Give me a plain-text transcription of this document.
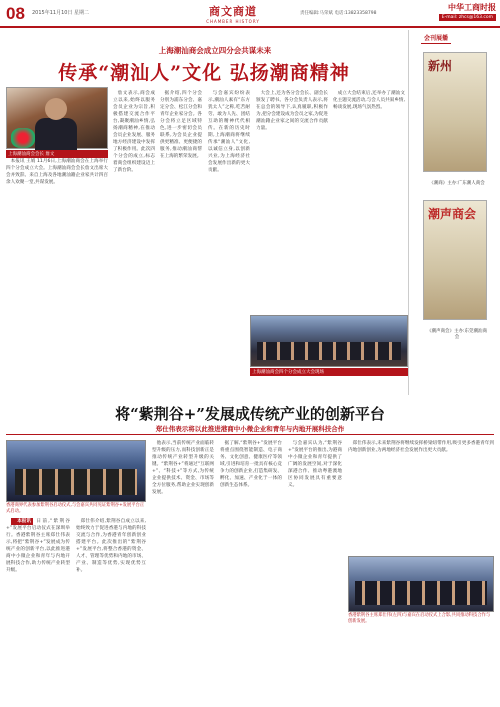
08 2015年11月10日 星期二	商文商道
CHAMBER HISTORY
责任编辑:马荣斌 电话:13823358798
中华工商时报
E-mail: zhcs@163.com
上海潮汕商会成立四分会共谋未来
传承“潮汕人”文化 弘扬潮商精神
上海潮汕商会会长 詹文

本报讯 王娟 11月6日,上海潮汕商会在上海举行四个分会成立大会。上海潮汕商会会长詹文出席大会并致辞。来自上海及各地潮汕籍企业家共计四百余人欢聚一堂,共谋发展。

詹文表示,商会成立以来,始终以服务会员企业为宗旨,积极搭建交流合作平台,凝聚潮汕乡情,弘扬潮商精神,在推动会员企业发展、服务地方经济建设中发挥了积极作用。此次四个分会的成立,标志着商会组织建设迈上了新台阶。

据介绍,四个分会分别为浦东分会、嘉定分会、松江分会和青年企业家分会。各分会将立足区域特色,进一步密切会员联系,为会员企业提供更精准、更便捷的服务,推动潮汕商帮在上海的繁荣发展。

与会嘉宾纷纷表示,潮汕人素有“东方犹太人”之称,吃苦耐劳、敢为人先、团结互助的精神代代相传。在新的历史时期,上海潮商将继续传承“潮汕人”文化,以诚信立身,以创新兴业,为上海经济社会发展作出新的更大贡献。

大会上,还为各分会会长、副会长颁发了聘书。各分会负责人表示,将在总会的领导下,认真履职,积极作为,把分会建设成为会员之家,为促进潮汕籍企业家之间的交流合作贡献力量。

成立大会结束后,还举办了潮汕文化主题交流活动,与会人员共叙乡情,畅谈发展,现场气氛热烈。

上海潮汕商会四个分会成立大会现场
会刊展播
新州
《潮商》主办:广东潮人商会
潮声商会
《潮声商会》主办:东莞潮汕商会
将“紫荆谷+”发展成传统产业的创新平台
郑仕伟表示将以此推进港商中小微企业和青年与内地开展科技合作
香港商界代表参加紫荆谷启动仪式,与会嘉宾共同见证紫荆谷+发展平台正式启动。

本报讯 日前,“紫荆谷+”发展平台启动仪式在深圳举行。香港紫荆谷主席郑仕伟表示,将把“紫荆谷+”发展成为传统产业的创新平台,以此推进港商中小微企业和青年与内地开展科技合作,助力传统产业转型升级。

郑仕伟介绍,紫荆谷自成立以来,始终致力于促进香港与内地的科技交流与合作,为香港青年创新创业搭建平台。此次推出的“紫荆谷+”发展平台,将整合香港的资金、人才、管理等优势和内地的市场、产业、制造等优势,实现优势互补。

他表示,当前传统产业面临转型升级的压力,而科技创新正是推动传统产业转型升级的关键。“紫荆谷+”将通过“互联网+”、“科技+”等方式,为传统企业提供技术、资金、市场等全方位服务,帮助企业实现创新发展。

据了解,“紫荆谷+”发展平台将重点围绕智能制造、电子商务、文化创意、健康医疗等领域,引进和培育一批具有核心竞争力的创新企业,打造集研发、孵化、加速、产业化于一体的创新生态体系。

与会嘉宾认为,“紫荆谷+”发展平台的推出,为港商中小微企业和青年提供了广阔的发展空间,对于深化深港合作、推动粤港澳地区协同发展具有重要意义。

郑仕伟表示,未来紫荆谷将继续发挥桥梁纽带作用,吸引更多香港青年到内地创新创业,为两地经济社会发展作出更大贡献。

香港紫荆谷主席郑仕伟(左四)与嘉宾在启动仪式上合影,共同推动科技合作与创新发展。
